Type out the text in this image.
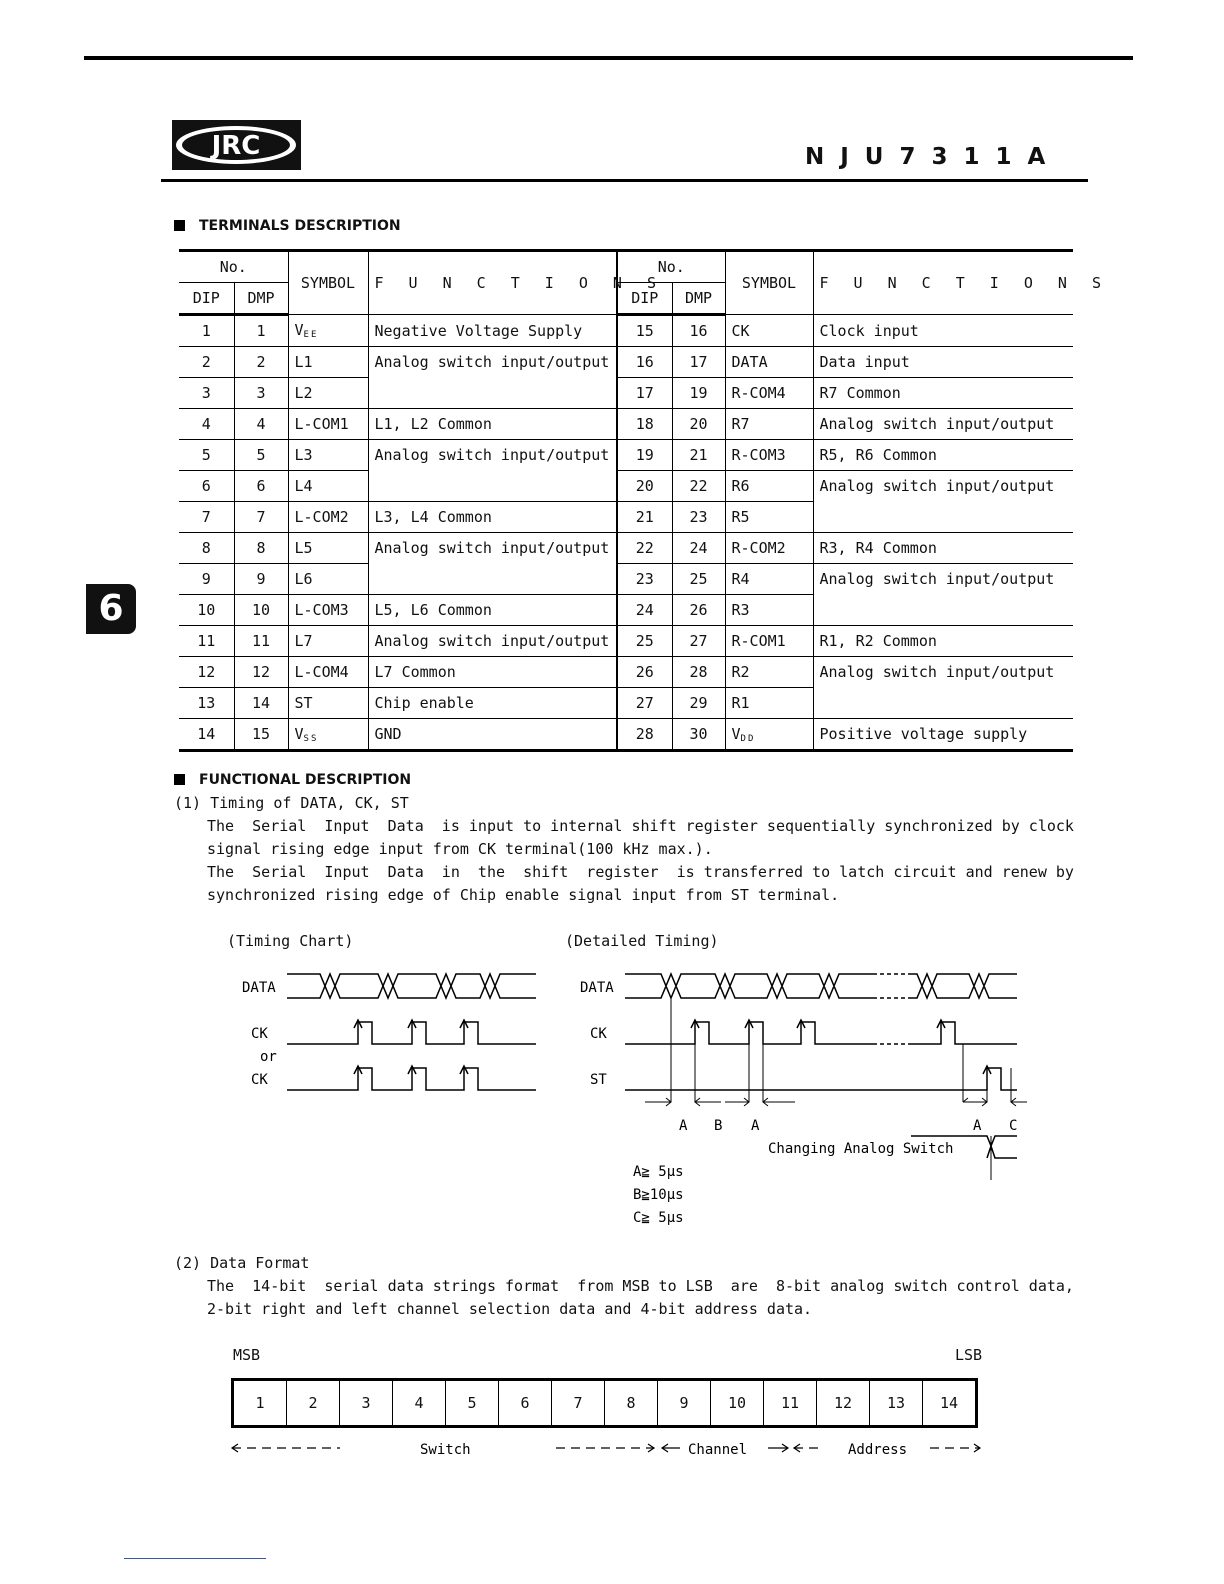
JRC	NJU7311A
6
TERMINALS DESCRIPTION
No.		SYMBOL	F U N C T I O N S	No.		SYMBOL	F U N C T I O N S
DIP	DMP			DIP	DMP		
1	1	$V_{EE}$	Negative Voltage Supply	15	16	CK	Clock input
2	2	L1	Analog switch input/output	16	17	DATA	Data input
3	3	L2		17	19	R-COM4	R7 Common
4	4	L-COM1	L1, L2 Common	18	20	R7	Analog switch input/output
5	5	L3	Analog switch input/output	19	21	R-COM3	R5, R6 Common
6	6	L4		20	22	R6	Analog switch input/output
7	7	L-COM2	L3, L4 Common	21	23	R5	
8	8	L5	Analog switch input/output	22	24	R-COM2	R3, R4 Common
9	9	L6		23	25	R4	Analog switch input/output
10	10	L-COM3	L5, L6 Common	24	26	R3	
11	11	L7	Analog switch input/output	25	27	R-COM1	R1, R2 Common
12	12	L-COM4	L7 Common	26	28	R2	Analog switch input/output
13	14	ST	Chip enable	27	29	R1	
14	15	$V_{SS}$	GND	28	30	$V_{DD}$	Positive voltage supply
FUNCTIONAL DESCRIPTION
(1) Timing of DATA, CK, ST
The  Serial  Input  Data  is input to internal shift register sequentially synchronized by clock
signal rising edge input from CK terminal(100 kHz max.).
The  Serial  Input  Data  in  the  shift  register  is transferred to latch circuit and renew by
synchronized rising edge of Chip enable signal input from ST terminal.
(Timing Chart)	(Detailed Timing)
DATA
CK
or
CK
DATA
CK
ST
A B A	A C
Changing Analog Switch
A≧ 5μs
B≧10μs
C≧ 5μs
(2) Data Format
The  14-bit  serial data strings format  from MSB to LSB  are  8-bit analog switch control data,
2-bit right and left channel selection data and 4-bit address data.
MSB	LSB
1	2	3	4	5	6	7	8	9	10	11	12	13	14
Switch	Channel	Address
